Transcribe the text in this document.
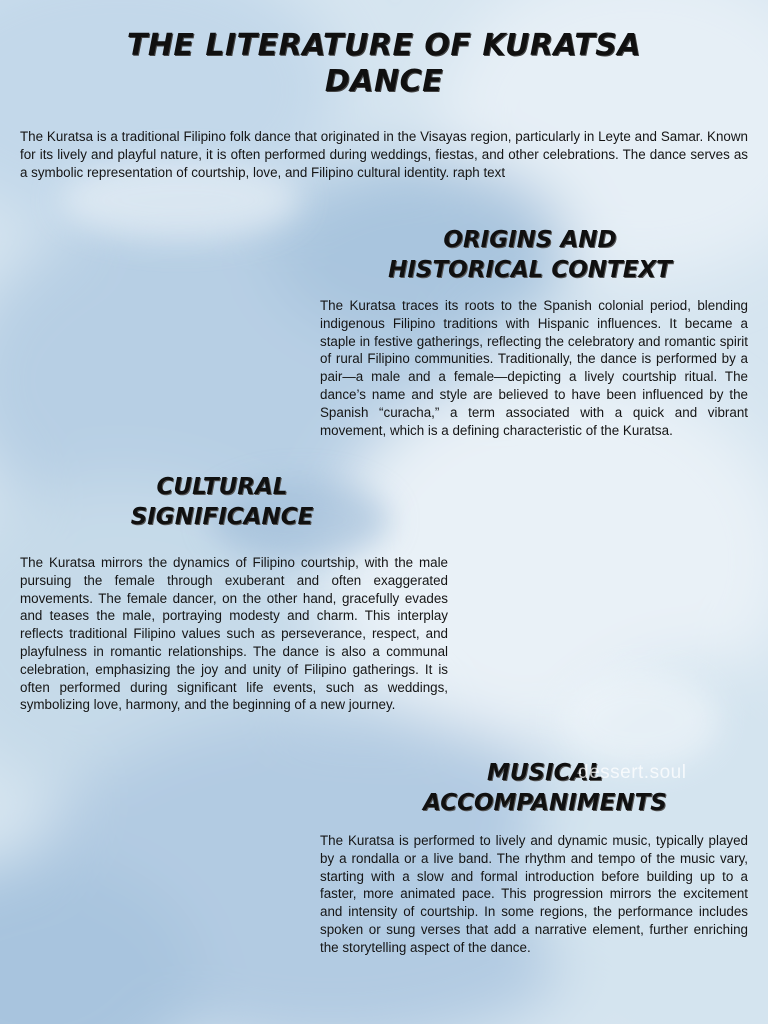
THE LITERATURE OF KURATSA DANCE

The Kuratsa is a traditional Filipino folk dance that originated in the Visayas region, particularly in Leyte and Samar. Known for its lively and playful nature, it is often performed during weddings, fiestas, and other celebrations. The dance serves as a symbolic representation of courtship, love, and Filipino cultural identity. raph text

ORIGINS AND
HISTORICAL CONTEXT

The Kuratsa traces its roots to the Spanish colonial period, blending indigenous Filipino traditions with Hispanic influences. It became a staple in festive gatherings, reflecting the celebratory and romantic spirit of rural Filipino communities. Traditionally, the dance is performed by a pair—a male and a female—depicting a lively courtship ritual. The dance’s name and style are believed to have been influenced by the Spanish “curacha,” a term associated with a quick and vibrant movement, which is a defining characteristic of the Kuratsa.

CULTURAL
SIGNIFICANCE

The Kuratsa mirrors the dynamics of Filipino courtship, with the male pursuing the female through exuberant and often exaggerated movements. The female dancer, on the other hand, gracefully evades and teases the male, portraying modesty and charm. This interplay reflects traditional Filipino values such as perseverance, respect, and playfulness in romantic relationships. The dance is also a communal celebration, emphasizing the joy and unity of Filipino gatherings. It is often performed during significant life events, such as weddings, symbolizing love, harmony, and the beginning of a new journey.

MUSICAL
ACCOMPANIMENTS

The Kuratsa is performed to lively and dynamic music, typically played by a rondalla or a live band. The rhythm and tempo of the music vary, starting with a slow and formal introduction before building up to a faster, more animated pace. This progression mirrors the excitement and intensity of courtship. In some regions, the performance includes spoken or sung verses that add a narrative element, further enriching the storytelling aspect of the dance.

dessert.soul
